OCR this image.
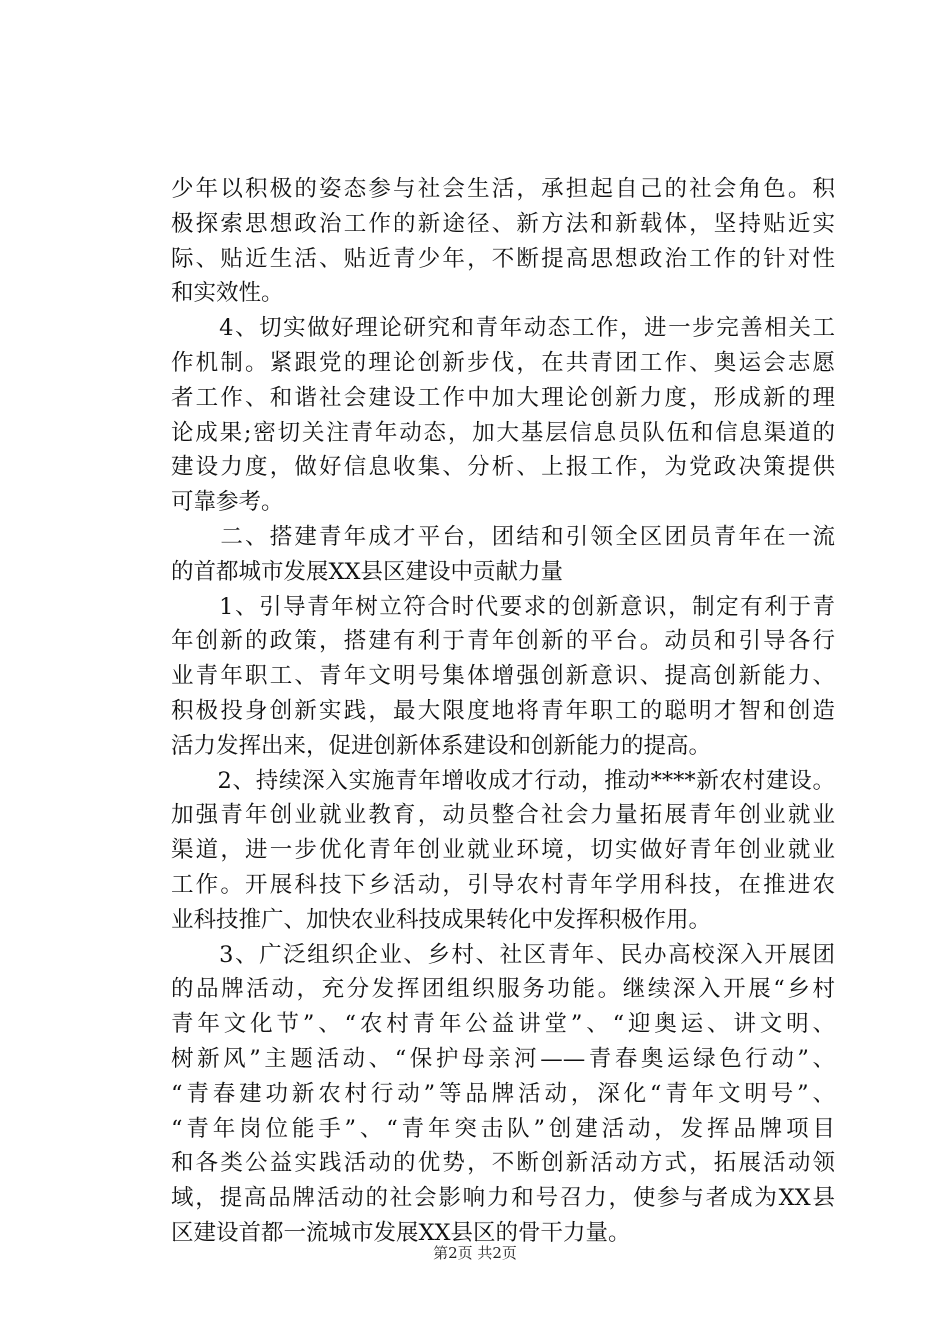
少年以积极的姿态参与社会生活，承担起自己的社会角色。积
极探索思想政治工作的新途径、新方法和新载体，坚持贴近实
际、贴近生活、贴近青少年，不断提高思想政治工作的针对性
和实效性。
　　4、切实做好理论研究和青年动态工作，进一步完善相关工
作机制。紧跟党的理论创新步伐，在共青团工作、奥运会志愿
者工作、和谐社会建设工作中加大理论创新力度，形成新的理
论成果;密切关注青年动态，加大基层信息员队伍和信息渠道的
建设力度，做好信息收集、分析、上报工作，为党政决策提供
可靠参考。
　　二、搭建青年成才平台，团结和引领全区团员青年在一流
的首都城市发展XX县区建设中贡献力量
　　1、引导青年树立符合时代要求的创新意识，制定有利于青
年创新的政策，搭建有利于青年创新的平台。动员和引导各行
业青年职工、青年文明号集体增强创新意识、提高创新能力、
积极投身创新实践，最大限度地将青年职工的聪明才智和创造
活力发挥出来，促进创新体系建设和创新能力的提高。
　　2、持续深入实施青年增收成才行动，推动****新农村建设。
加强青年创业就业教育，动员整合社会力量拓展青年创业就业
渠道，进一步优化青年创业就业环境，切实做好青年创业就业
工作。开展科技下乡活动，引导农村青年学用科技，在推进农
业科技推广、加快农业科技成果转化中发挥积极作用。
　　3、广泛组织企业、乡村、社区青年、民办高校深入开展团
的品牌活动，充分发挥团组织服务功能。继续深入开展“乡村
青年文化节”、“农村青年公益讲堂”、“迎奥运、讲文明、
树新风”主题活动、“保护母亲河——青春奥运绿色行动”、
“青春建功新农村行动”等品牌活动，深化“青年文明号”、
“青年岗位能手”、“青年突击队”创建活动，发挥品牌项目
和各类公益实践活动的优势，不断创新活动方式，拓展活动领
域，提高品牌活动的社会影响力和号召力，使参与者成为XX县
区建设首都一流城市发展XX县区的骨干力量。
第2页 共2页
